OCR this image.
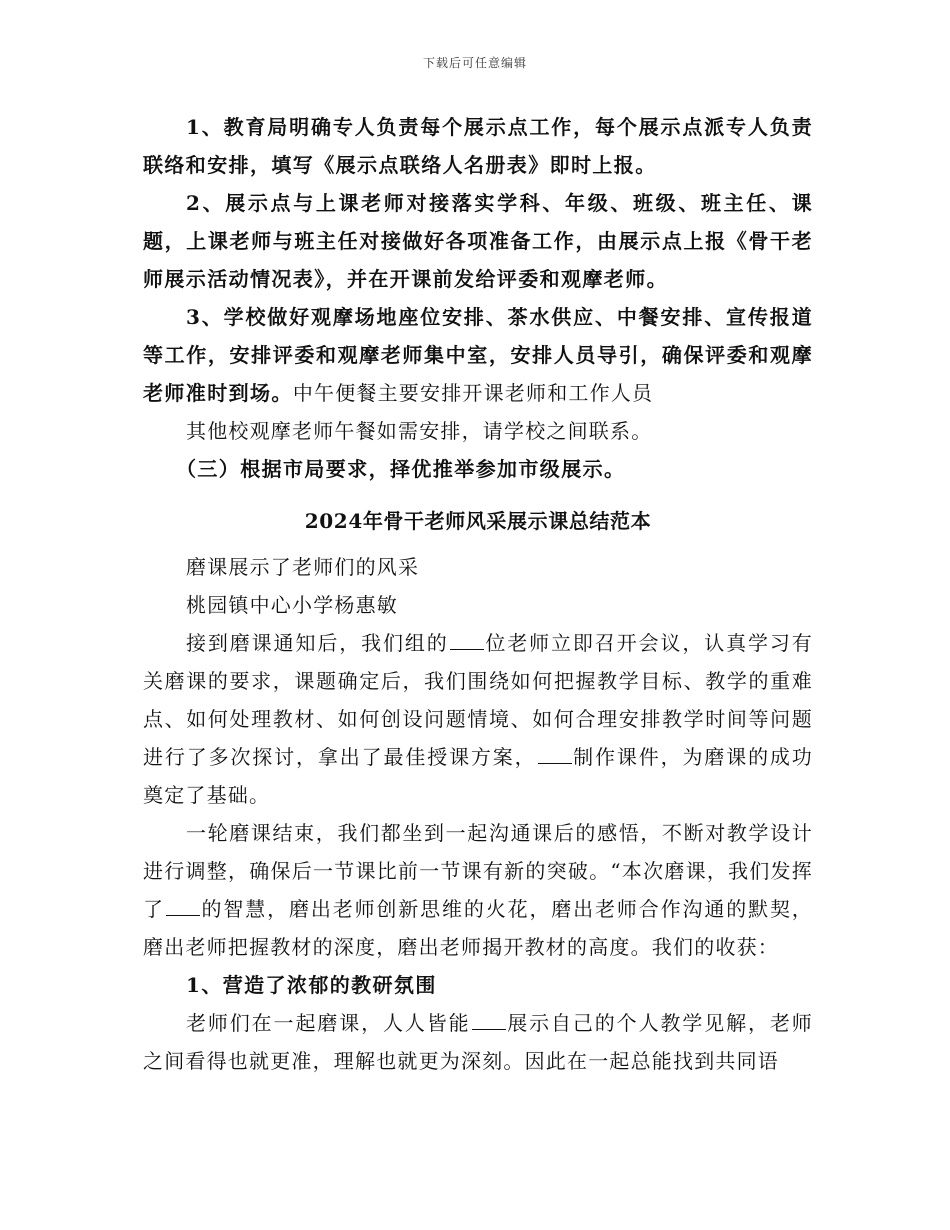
下载后可任意编辑

1、教育局明确专人负责每个展示点工作，每个展示点派专人负责联络和安排，填写《展示点联络人名册表》即时上报。

2、展示点与上课老师对接落实学科、年级、班级、班主任、课题，上课老师与班主任对接做好各项准备工作，由展示点上报《骨干老师展示活动情况表》，并在开课前发给评委和观摩老师。

3、学校做好观摩场地座位安排、茶水供应、中餐安排、宣传报道等工作，安排评委和观摩老师集中室，安排人员导引，确保评委和观摩老师准时到场。中午便餐主要安排开课老师和工作人员

其他校观摩老师午餐如需安排，请学校之间联系。

（三）根据市局要求，择优推举参加市级展示。

2024年骨干老师风采展示课总结范本

磨课展示了老师们的风采

桃园镇中心小学杨惠敏

接到磨课通知后，我们组的 位老师立即召开会议，认真学习有关磨课的要求，课题确定后，我们围绕如何把握教学目标、教学的重难点、如何处理教材、如何创设问题情境、如何合理安排教学时间等问题进行了多次探讨，拿出了最佳授课方案， 制作课件，为磨课的成功奠定了基础。

一轮磨课结束，我们都坐到一起沟通课后的感悟，不断对教学设计进行调整，确保后一节课比前一节课有新的突破。“本次磨课，我们发挥了 的智慧，磨出老师创新思维的火花，磨出老师合作沟通的默契，磨出老师把握教材的深度，磨出老师揭开教材的高度。我们的收获：

1、营造了浓郁的教研氛围

老师们在一起磨课，人人皆能 展示自己的个人教学见解，老师之间看得也就更准，理解也就更为深刻。因此在一起总能找到共同语
